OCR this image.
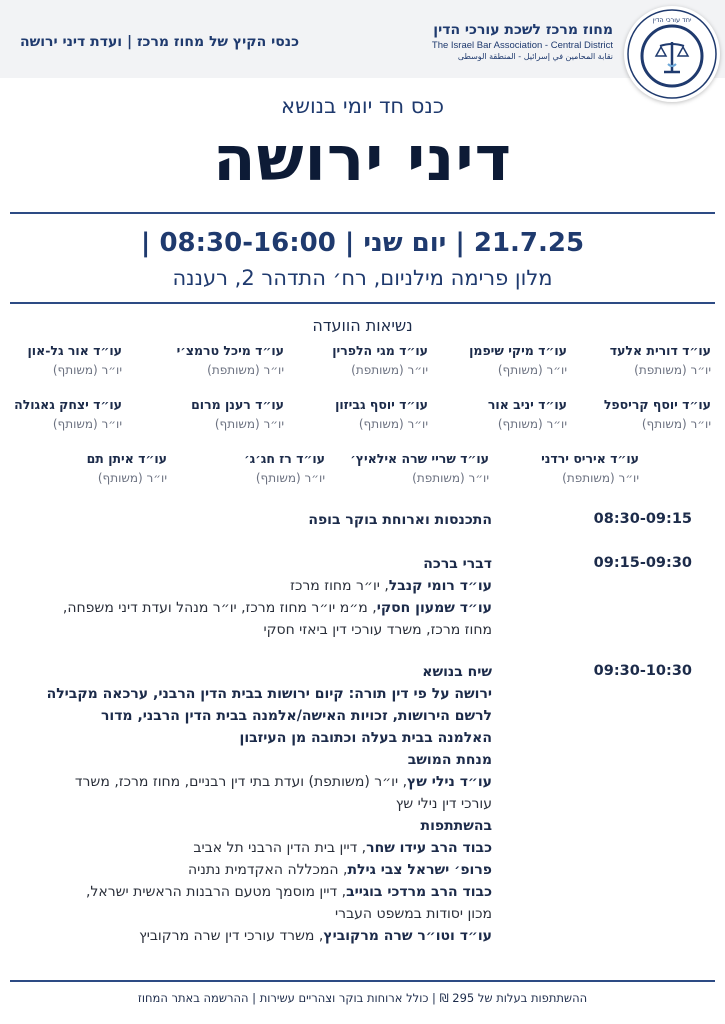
יחד עורכי הדין
מחוז מרכז לשכת עורכי הדין
The Israel Bar Association - Central District
نقابة المحامين في إسرائيل - المنطقة الوسطى
כנסי הקיץ של מחוז מרכז | ועדת דיני ירושה
כנס חד יומי בנושא
דיני ירושה
21.7.25 | יום שני | 08:30-16:00 |
מלון פרימה מילניום, רח׳ התדהר 2, רעננה
נשיאות הוועדה
עו״ד דורית אלעד
יו״ר (משותפת)
עו״ד מיקי שיפמן
יו״ר (משותף)
עו״ד מגי הלפרין
יו״ר (משותפת)
עו״ד מיכל טרמצ׳י
יו״ר (משותפת)
עו״ד אור גל-און
יו״ר (משותף)
עו״ד יוסף קריספל
יו״ר (משותף)
עו״ד יניב אור
יו״ר (משותף)
עו״ד יוסף גביזון
יו״ר (משותף)
עו״ד רענן מרום
יו״ר (משותף)
עו״ד יצחק גאגולה
יו״ר (משותף)
עו״ד איריס ירדני
יו״ר (משותפת)
עו״ד שריי שרה אילאיץ׳
יו״ר (משותפת)
עו״ד רז חג׳ג׳
יו״ר (משותף)
עו״ד איתן תם
יו״ר (משותף)
08:30-09:15

התכנסות וארוחת בוקר בופה

09:15-09:30

דברי ברכה

עו״ד רומי קנבל, יו״ר מחוז מרכז

עו״ד שמעון חסקי, מ״מ יו״ר מחוז מרכז, יו״ר מנהל ועדת דיני משפחה,

מחוז מרכז, משרד עורכי דין ביאזי חסקי

09:30-10:30

שיח בנושא

ירושה על פי דין תורה: קיום ירושות בבית הדין הרבני, ערכאה מקבילה

לרשם הירושות, זכויות האישה/אלמנה בבית הדין הרבני, מדור

האלמנה בבית בעלה וכתובה מן העיזבון

מנחת המושב

עו״ד נילי שץ, יו״ר (משותפת) ועדת בתי דין רבניים, מחוז מרכז, משרד

עורכי דין נילי שץ

בהשתתפות

כבוד הרב עידו שחר, דיין בית הדין הרבני תל אביב

פרופ׳ ישראל צבי גילת, המכללה האקדמית נתניה

כבוד הרב מרדכי בוגייב, דיין מוסמך מטעם הרבנות הראשית ישראל,

מכון יסודות במשפט העברי

עו״ד וטו״ר שרה מרקוביץ, משרד עורכי דין שרה מרקוביץ

ההשתתפות בעלות של 295 ₪ | כולל ארוחות בוקר וצהריים עשירות | ההרשמה באתר המחוז
